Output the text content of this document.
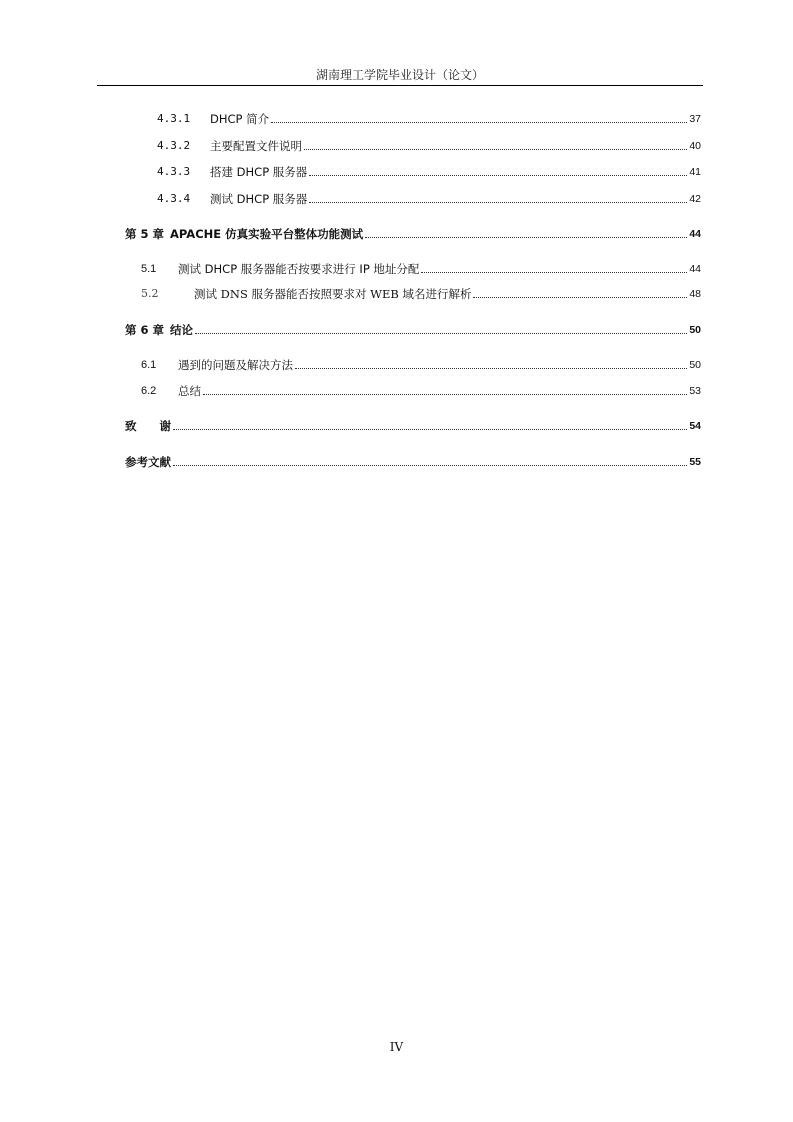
湖南理工学院毕业设计（论文）
4.3.1	DHCP 简介	37
4.3.2	主要配置文件说明	40
4.3.3	搭建 DHCP 服务器	41
4.3.4	测试 DHCP 服务器	42
第 5 章 APACHE 仿真实验平台整体功能测试	44
5.1	测试 DHCP 服务器能否按要求进行 IP 地址分配	44
5.2	测试 DNS 服务器能否按照要求对 WEB 域名进行解析	48
第 6 章 结论	50
6.1	遇到的问题及解决方法	50
6.2	总结	53
致  谢	54
参考文献	55
IV
